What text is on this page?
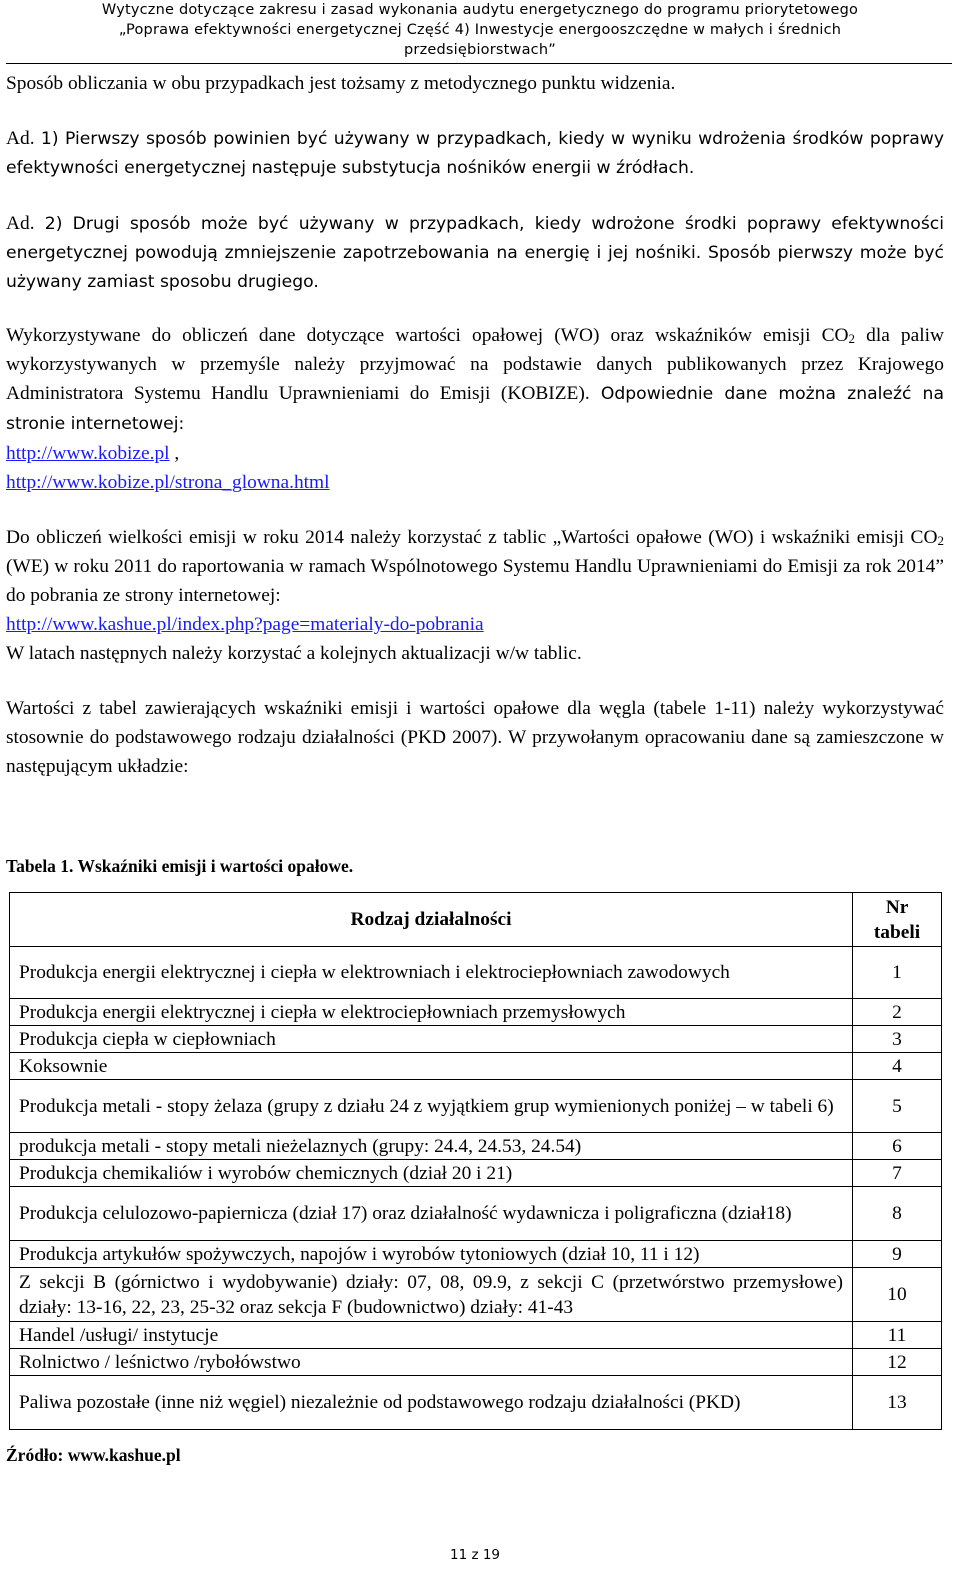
Wytyczne dotyczące zakresu i zasad wykonania audytu energetycznego do programu priorytetowego
„Poprawa efektywności energetycznej Część 4) Inwestycje energooszczędne w małych i średnich
przedsiębiorstwach”

Sposób obliczania w obu przypadkach jest tożsamy z metodycznego punktu widzenia.

Ad. 1) Pierwszy sposób powinien być używany w przypadkach, kiedy w wyniku wdrożenia środków poprawy efektywności energetycznej następuje substytucja nośników energii w źródłach.

Ad. 2) Drugi sposób może być używany w przypadkach, kiedy wdrożone środki poprawy efektywności energetycznej powodują zmniejszenie zapotrzebowania na energię i jej nośniki. Sposób pierwszy może być używany zamiast sposobu drugiego.

Wykorzystywane do obliczeń dane dotyczące wartości opałowej (WO) oraz wskaźników emisji $CO_2$ dla paliw wykorzystywanych w przemyśle należy przyjmować na podstawie danych publikowanych przez Krajowego Administratora Systemu Handlu Uprawnieniami do Emisji (KOBIZE). Odpowiednie dane można znaleźć na stronie internetowej:

http://www.kobize.pl ,

http://www.kobize.pl/strona_glowna.html

Do obliczeń wielkości emisji w roku 2014 należy korzystać z tablic „Wartości opałowe (WO) i wskaźniki emisji $CO_2$ (WE) w roku 2011 do raportowania w ramach Wspólnotowego Systemu Handlu Uprawnieniami do Emisji za rok 2014” do pobrania ze strony internetowej:

http://www.kashue.pl/index.php?page=materialy-do-pobrania

W latach następnych należy korzystać a kolejnych aktualizacji w/w tablic.

Wartości z tabel zawierających wskaźniki emisji i wartości opałowe dla węgla (tabele 1-11) należy wykorzystywać stosownie do podstawowego rodzaju działalności (PKD 2007). W przywołanym opracowaniu dane są zamieszczone w następującym układzie:

Tabela 1. Wskaźniki emisji i wartości opałowe.
Rodzaj działalności	Nr tabeli
Produkcja energii elektrycznej i ciepła w elektrowniach i elektrociepłowniach zawodowych	1
Produkcja energii elektrycznej i ciepła w elektrociepłowniach przemysłowych	2
Produkcja ciepła w ciepłowniach	3
Koksownie	4
Produkcja metali - stopy żelaza (grupy z działu 24 z wyjątkiem grup wymienionych poniżej – w tabeli 6)	5
produkcja metali - stopy metali nieżelaznych (grupy: 24.4, 24.53, 24.54)	6
Produkcja chemikaliów i wyrobów chemicznych (dział 20 i 21)	7
Produkcja celulozowo-papiernicza (dział 17) oraz działalność wydawnicza i poligraficzna (dział18)	8
Produkcja artykułów spożywczych, napojów i wyrobów tytoniowych (dział 10, 11 i 12)	9
Z sekcji B (górnictwo i wydobywanie) działy: 07, 08, 09.9, z sekcji C (przetwórstwo przemysłowe) działy: 13-16, 22, 23, 25-32 oraz sekcja F (budownictwo) działy: 41-43	10
Handel /usługi/ instytucje	11
Rolnictwo / leśnictwo /rybołówstwo	12
Paliwa pozostałe (inne niż węgiel) niezależnie od podstawowego rodzaju działalności (PKD)	13
Źródło: www.kashue.pl
11 z 19
